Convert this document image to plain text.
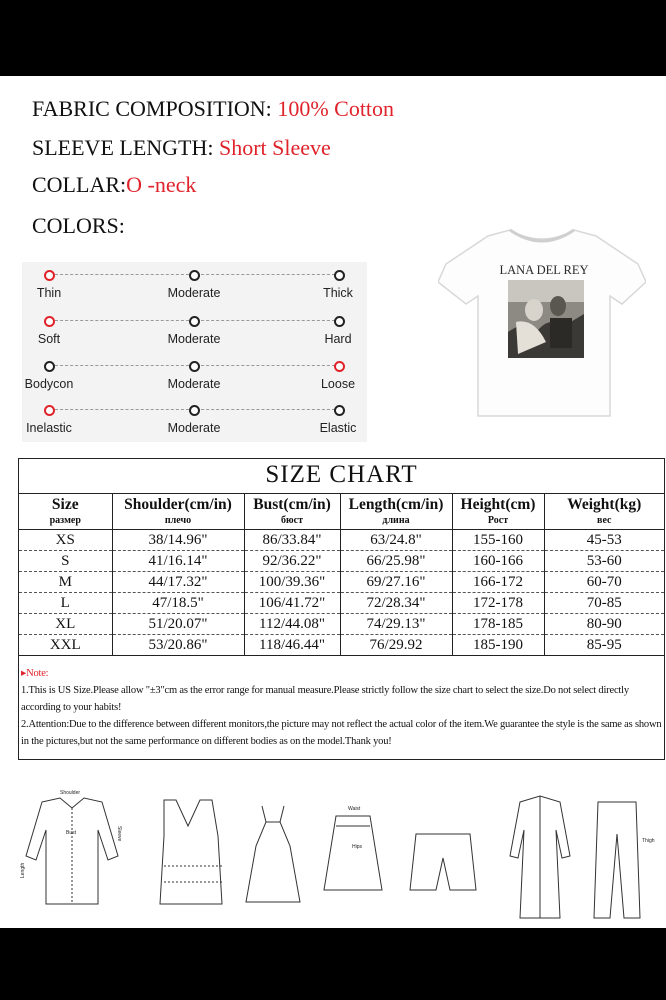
FABRIC COMPOSITION: 100% Cotton
SLEEVE LENGTH: Short Sleeve
COLLAR:O -neck
COLORS:
Thin	Moderate	Thick
Soft	Moderate	Hard
Bodycon	Moderate	Loose
Inelastic	Moderate	Elastic
LANA DEL REY
SIZE CHART
Size	Shoulder(cm/in)	Bust(cm/in)	Length(cm/in)	Height(cm)	Weight(kg)
размер	плечо	бюст	длина	Рост	вес
XS	38/14.96"	86/33.84"	63/24.8"	155-160	45-53
S	41/16.14"	92/36.22"	66/25.98"	160-166	53-60
M	44/17.32"	100/39.36"	69/27.16"	166-172	60-70
L	47/18.5"	106/41.72"	72/28.34"	172-178	70-85
XL	51/20.07"	112/44.08"	74/29.13"	178-185	80-90
XXL	53/20.86"	118/46.44"	76/29.92	185-190	85-95
▸Note:
1.This is US Size.Please allow "±3"cm as the error range for manual measure.Please strictly follow the size chart to select the size.Do not select directly according to your habits!
2.Attention:Due to the difference between different monitors,the picture may not reflect the actual color of the item.We guarantee the style is the same as shown in the pictures,but not the same performance on different bodies as on the model.Thank you!
Shoulder
Bust
Length
Sleeve
Waist
Hips
Thigh
